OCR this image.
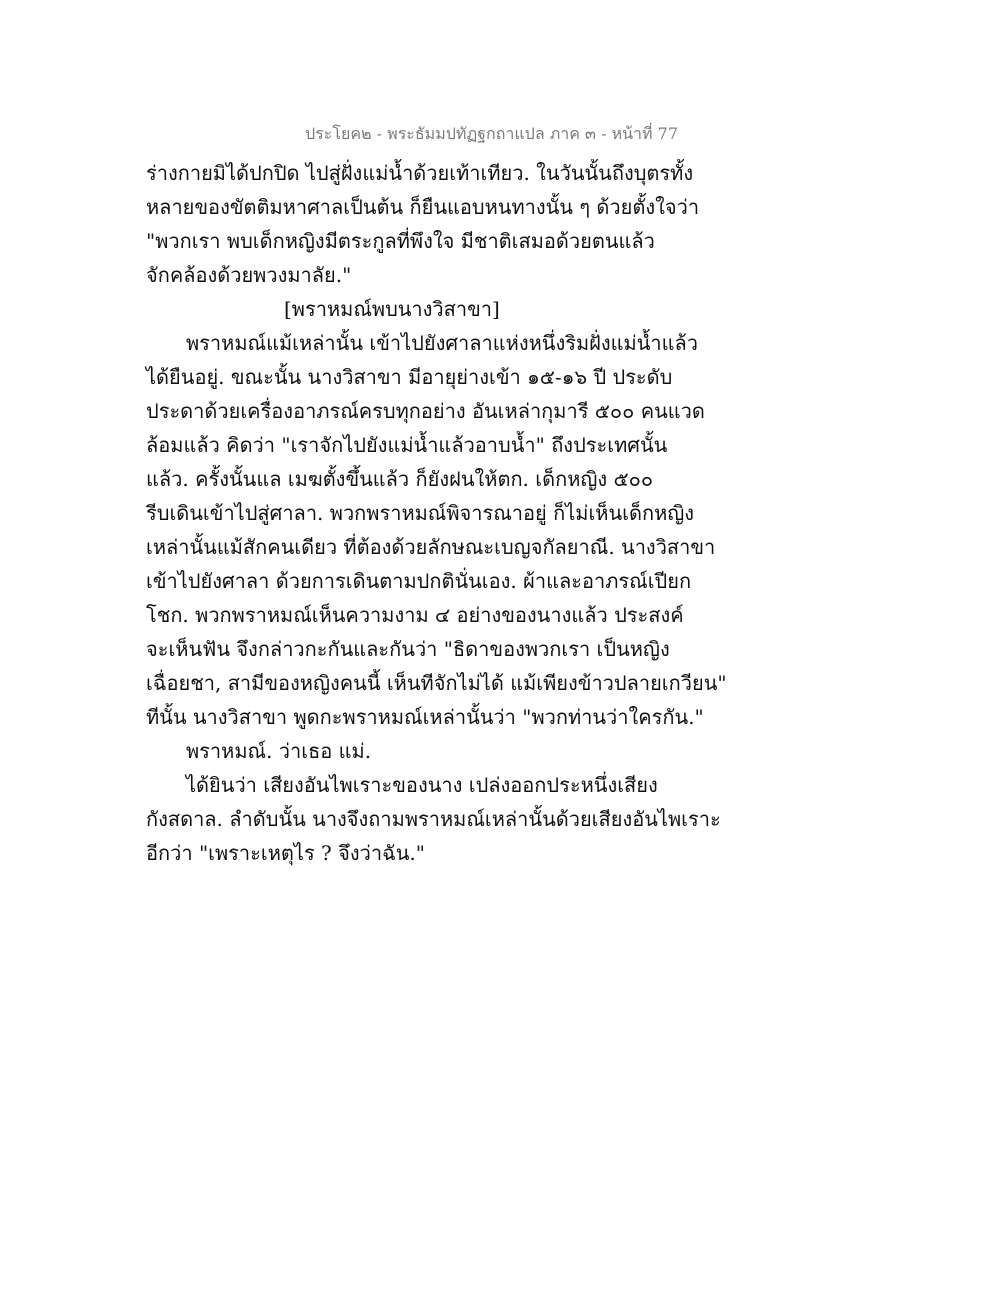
ประโยค๒ - พระธัมมปทัฏฐกถาแปล ภาค ๓ - หน้าที่ 77
ร่างกายมิได้ปกปิด ไปสู่ฝั่งแม่น้ำด้วยเท้าเทียว. ในวันนั้นถึงบุตรทั้ง
หลายของขัตติมหาศาลเป็นต้น ก็ยืนแอบหนทางนั้น ๆ ด้วยตั้งใจว่า
"พวกเรา พบเด็กหญิงมีตระกูลที่พึงใจ มีชาติเสมอด้วยตนแล้ว
จักคล้องด้วยพวงมาลัย."
[พราหมณ์พบนางวิสาขา]
พราหมณ์แม้เหล่านั้น เข้าไปยังศาลาแห่งหนึ่งริมฝั่งแม่น้ำแล้ว
ได้ยืนอยู่. ขณะนั้น นางวิสาขา มีอายุย่างเข้า ๑๕-๑๖ ปี ประดับ
ประดาด้วยเครื่องอาภรณ์ครบทุกอย่าง อันเหล่ากุมารี ๕๐๐ คนแวด
ล้อมแล้ว คิดว่า "เราจักไปยังแม่น้ำแล้วอาบน้ำ" ถึงประเทศนั้น
แล้ว. ครั้งนั้นแล เมฆตั้งขึ้นแล้ว ก็ยังฝนให้ตก. เด็กหญิง ๕๐๐
รีบเดินเข้าไปสู่ศาลา. พวกพราหมณ์พิจารณาอยู่ ก็ไม่เห็นเด็กหญิง
เหล่านั้นแม้สักคนเดียว ที่ต้องด้วยลักษณะเบญจกัลยาณี. นางวิสาขา
เข้าไปยังศาลา ด้วยการเดินตามปกตินั่นเอง. ผ้าและอาภรณ์เปียก
โชก. พวกพราหมณ์เห็นความงาม ๔ อย่างของนางแล้ว ประสงค์
จะเห็นฟัน จึงกล่าวกะกันและกันว่า "ธิดาของพวกเรา เป็นหญิง
เฉื่อยชา, สามีของหญิงคนนี้ เห็นทีจักไม่ได้ แม้เพียงข้าวปลายเกวียน"
ทีนั้น นางวิสาขา พูดกะพราหมณ์เหล่านั้นว่า "พวกท่านว่าใครกัน."
พราหมณ์. ว่าเธอ แม่.
ได้ยินว่า เสียงอันไพเราะของนาง เปล่งออกประหนึ่งเสียง
กังสดาล. ลำดับนั้น นางจึงถามพราหมณ์เหล่านั้นด้วยเสียงอันไพเราะ
อีกว่า "เพราะเหตุไร ? จึงว่าฉัน."
